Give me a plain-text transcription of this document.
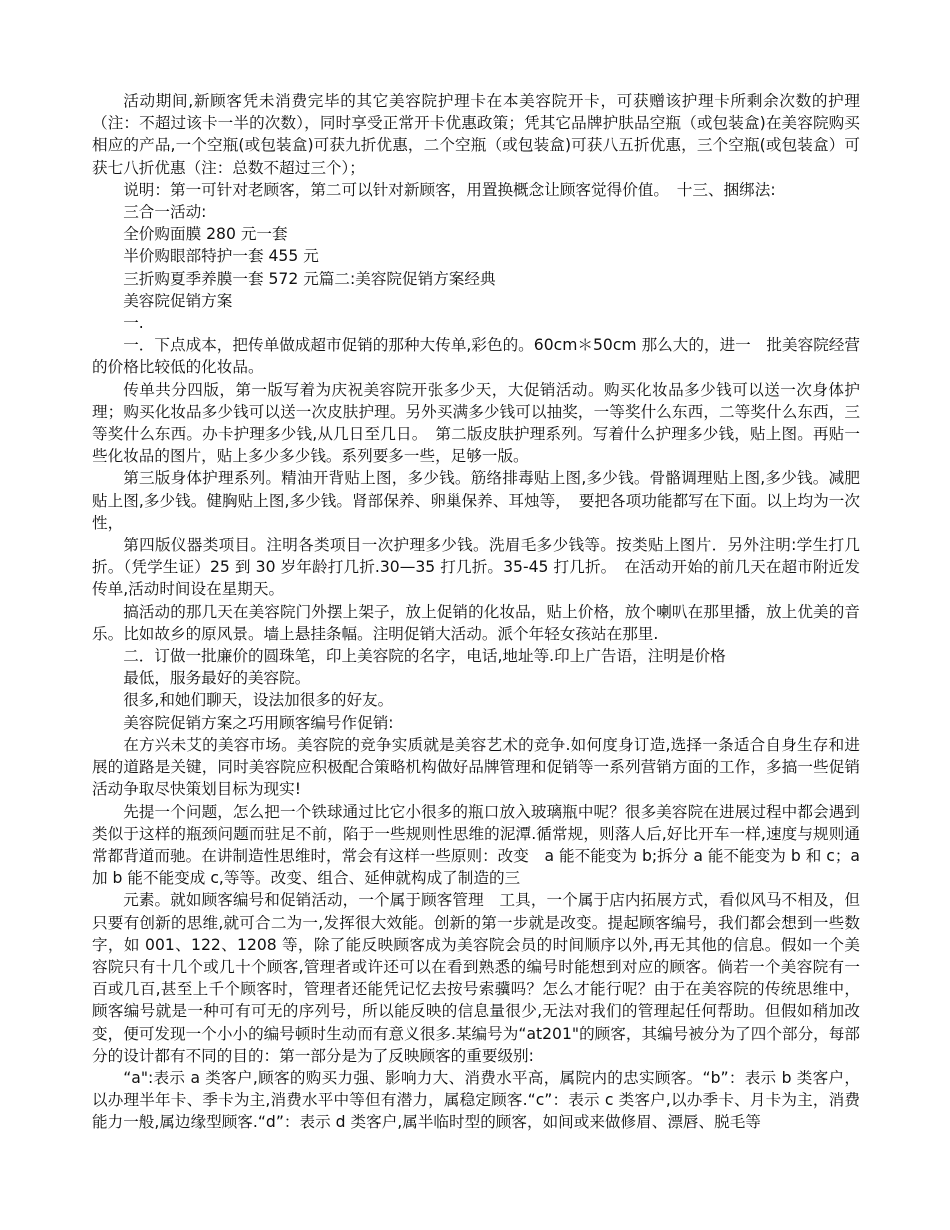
活动期间,新顾客凭未消费完毕的其它美容院护理卡在本美容院开卡，可获赠该护理卡所剩余次数的护理（注：不超过该卡一半的次数），同时享受正常开卡优惠政策；凭其它品牌护肤品空瓶（或包装盒)在美容院购买相应的产品,一个空瓶(或包装盒)可获九折优惠，二个空瓶（或包装盒)可获八五折优惠，三个空瓶(或包装盒）可获七八折优惠（注：总数不超过三个）；

说明：第一可针对老顾客，第二可以针对新顾客，用置换概念让顾客觉得价值。　十三、捆绑法:

三合一活动:

全价购面膜 280 元一套

半价购眼部特护一套 455 元

三折购夏季养膜一套 572 元篇二:美容院促销方案经典

美容院促销方案

一.

一．下点成本，把传单做成超市促销的那种大传单,彩色的。60cm＊50cm 那么大的，进一　批美容院经营的价格比较低的化妆品。

传单共分四版，第一版写着为庆祝美容院开张多少天，大促销活动。购买化妆品多少钱可以送一次身体护理；购买化妆品多少钱可以送一次皮肤护理。另外买满多少钱可以抽奖，一等奖什么东西，二等奖什么东西，三等奖什么东西。办卡护理多少钱,从几日至几日。　第二版皮肤护理系列。写着什么护理多少钱，贴上图。再贴一些化妆品的图片，贴上多少多少钱。系列要多一些，足够一版。

第三版身体护理系列。精油开背贴上图，多少钱。筋络排毒贴上图,多少钱。骨骼调理贴上图,多少钱。减肥贴上图,多少钱。健胸贴上图,多少钱。肾部保养、卵巢保养、耳烛等，　要把各项功能都写在下面。以上均为一次性，

第四版仪器类项目。注明各类项目一次护理多少钱。洗眉毛多少钱等。按类贴上图片．另外注明:学生打几折。（凭学生证）25 到 30 岁年龄打几折.30—35 打几折。35-45 打几折。　在活动开始的前几天在超市附近发传单,活动时间设在星期天。

搞活动的那几天在美容院门外摆上架子，放上促销的化妆品，贴上价格，放个喇叭在那里播，放上优美的音乐。比如故乡的原风景。墙上悬挂条幅。注明促销大活动。派个年轻女孩站在那里.

二．订做一批廉价的圆珠笔，印上美容院的名字，电话,地址等.印上广告语，注明是价格

最低，服务最好的美容院。

很多,和她们聊天，设法加很多的好友。

美容院促销方案之巧用顾客编号作促销:

在方兴未艾的美容市场。美容院的竞争实质就是美容艺术的竞争.如何度身订造,选择一条适合自身生存和进展的道路是关键，同时美容院应积极配合策略机构做好品牌管理和促销等一系列营销方面的工作，多搞一些促销活动争取尽快策划目标为现实!

先提一个问题，怎么把一个铁球通过比它小很多的瓶口放入玻璃瓶中呢？很多美容院在进展过程中都会遇到类似于这样的瓶颈问题而驻足不前，陷于一些规则性思维的泥潭.循常规，则落人后,好比开车一样,速度与规则通常都背道而驰。在讲制造性思维时，常会有这样一些原则：改变　a 能不能变为 b;拆分 a 能不能变为 b 和 c；a 加 b 能不能变成 c,等等。改变、组合、延伸就构成了制造的三

元素。就如顾客编号和促销活动，一个属于顾客管理　工具，一个属于店内拓展方式，看似风马不相及，但只要有创新的思维,就可合二为一,发挥很大效能。创新的第一步就是改变。提起顾客编号，我们都会想到一些数字，如 001、122、1208 等，除了能反映顾客成为美容院会员的时间顺序以外,再无其他的信息。假如一个美容院只有十几个或几十个顾客,管理者或许还可以在看到熟悉的编号时能想到对应的顾客。倘若一个美容院有一百或几百,甚至上千个顾客时，管理者还能凭记忆去按号索骥吗？怎么才能行呢？由于在美容院的传统思维中，顾客编号就是一种可有可无的序列号，所以能反映的信息量很少,无法对我们的管理起任何帮助。但假如稍加改变，便可发现一个小小的编号顿时生动而有意义很多.某编号为“at201"的顾客，其编号被分为了四个部分，每部分的设计都有不同的目的：第一部分是为了反映顾客的重要级别:

“a":表示 a 类客户,顾客的购买力强、影响力大、消费水平高，属院内的忠实顾客。“b”：表示 b 类客户，以办理半年卡、季卡为主,消费水平中等但有潜力，属稳定顾客.“c”：表示 c 类客户,以办季卡、月卡为主，消费能力一般,属边缘型顾客.“d”：表示 d 类客户,属半临时型的顾客，如间或来做修眉、漂唇、脱毛等
